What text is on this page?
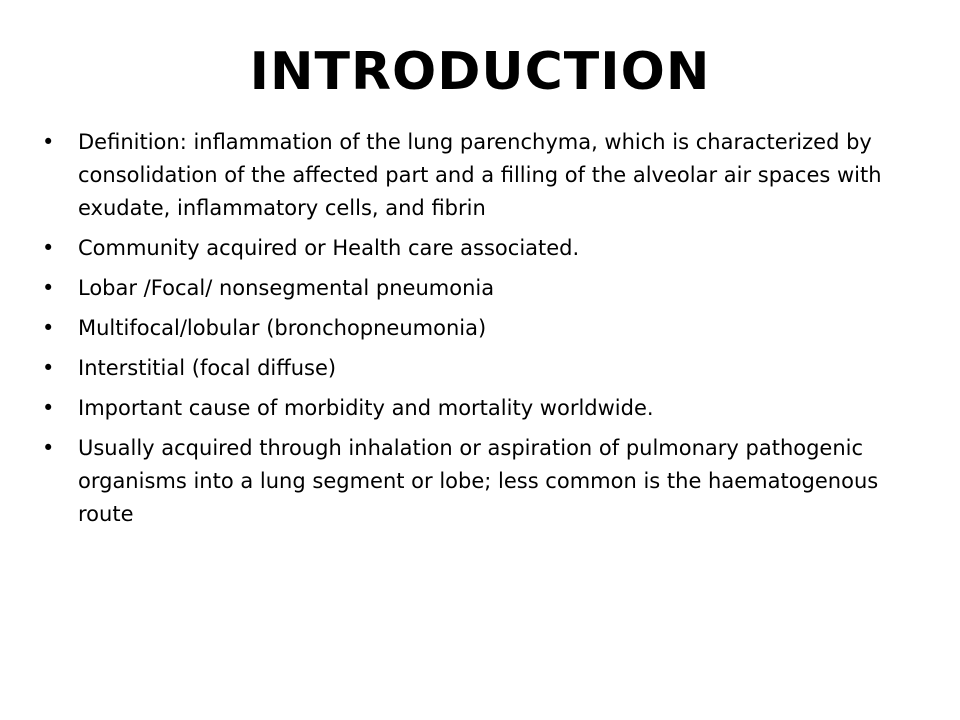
INTRODUCTION
• Definition: inflammation of the lung parenchyma, which is characterized by consolidation of the affected part and a filling of the alveolar air spaces with exudate, inflammatory cells, and fibrin
• Community acquired or Health care associated.
• Lobar /Focal/ nonsegmental pneumonia
• Multifocal/lobular (bronchopneumonia)
• Interstitial (focal diffuse)
• Important cause of morbidity and mortality worldwide.
• Usually acquired through inhalation or aspiration of pulmonary pathogenic organisms into a lung segment or lobe; less common is the haematogenous route
